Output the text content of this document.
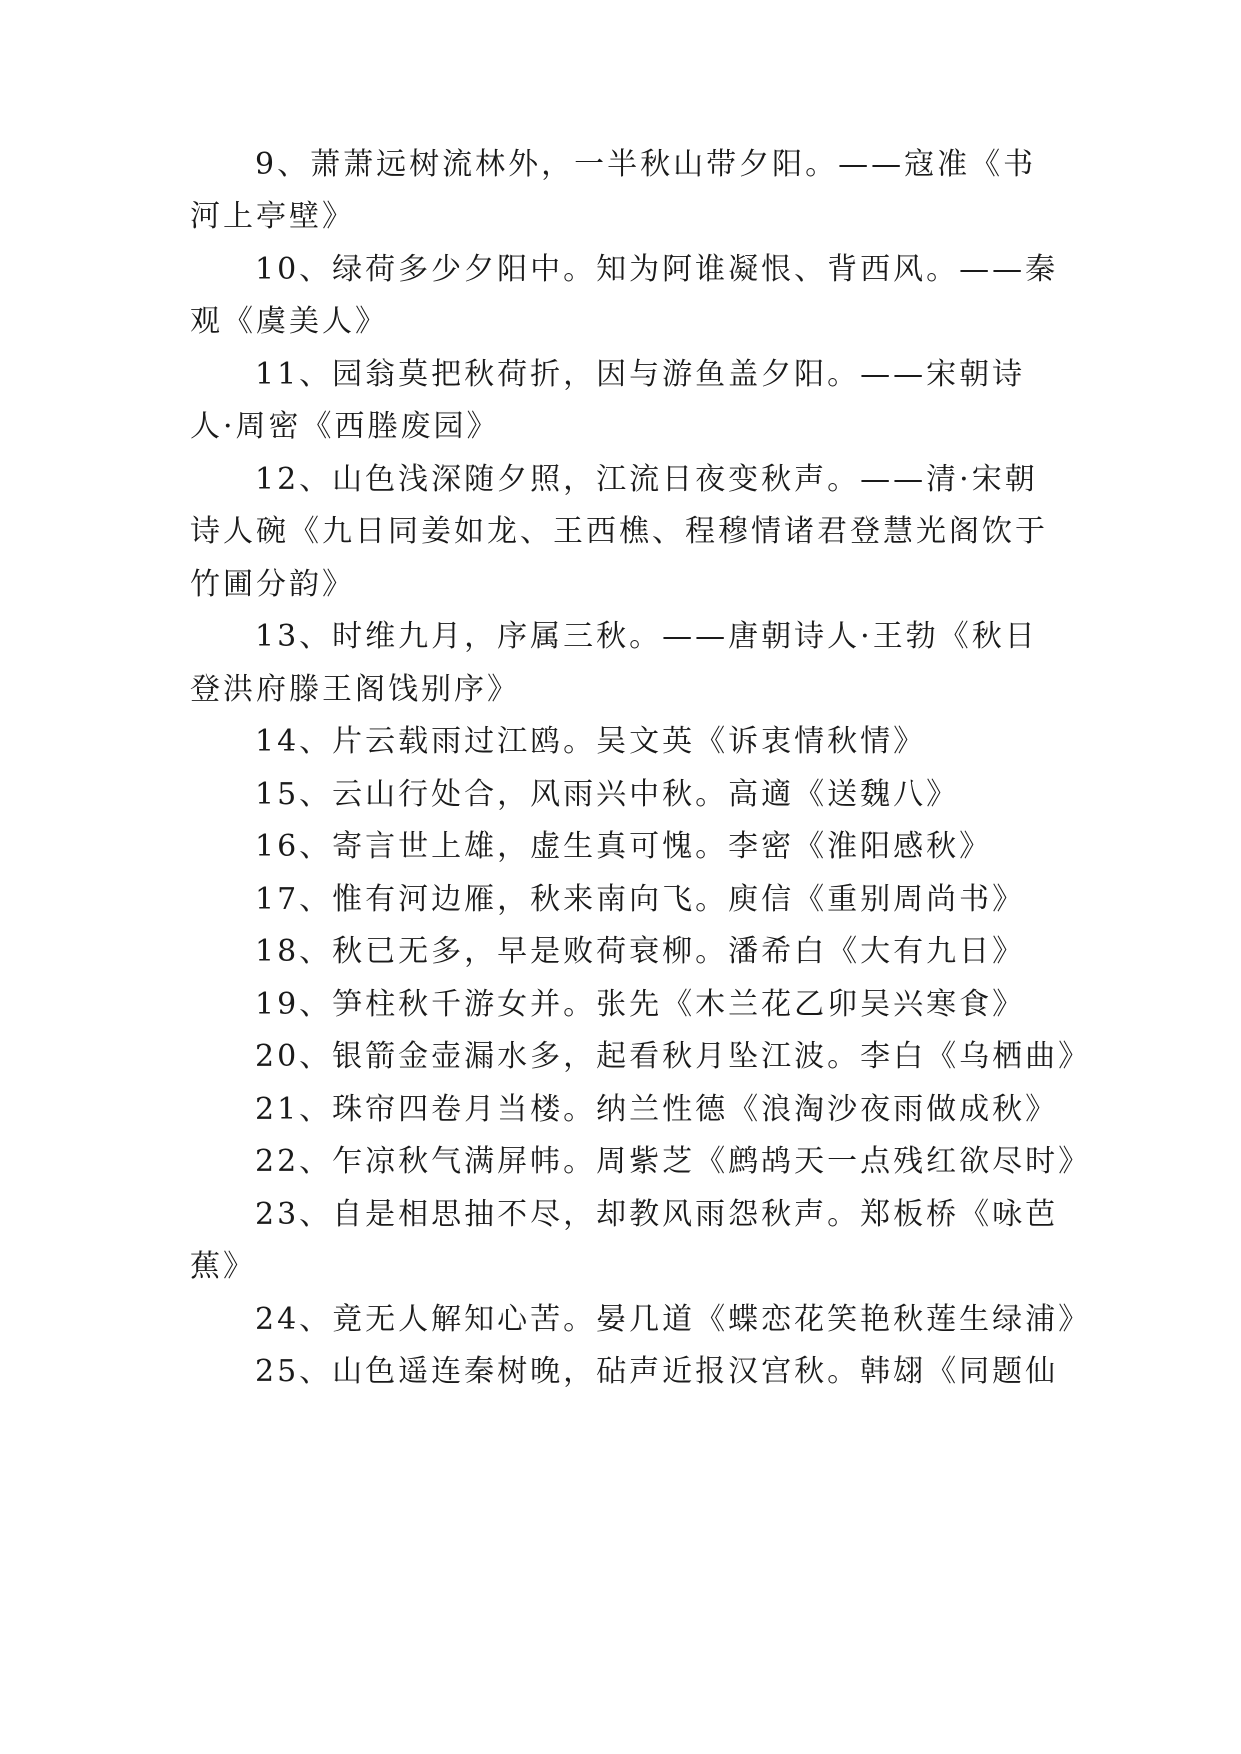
9、萧萧远树流林外，一半秋山带夕阳。——寇准《书
河上亭壁》
10、绿荷多少夕阳中。知为阿谁凝恨、背西风。——秦
观《虞美人》
11、园翁莫把秋荷折，因与游鱼盖夕阳。——宋朝诗
人·周密《西塍废园》
12、山色浅深随夕照，江流日夜变秋声。——清·宋朝
诗人碗《九日同姜如龙、王西樵、程穆情诸君登慧光阁饮于
竹圃分韵》
13、时维九月，序属三秋。——唐朝诗人·王勃《秋日
登洪府滕王阁饯别序》
14、片云载雨过江鸥。吴文英《诉衷情秋情》
15、云山行处合，风雨兴中秋。高適《送魏八》
16、寄言世上雄，虚生真可愧。李密《淮阳感秋》
17、惟有河边雁，秋来南向飞。庾信《重别周尚书》
18、秋已无多，早是败荷衰柳。潘希白《大有九日》
19、笋柱秋千游女并。张先《木兰花乙卯吴兴寒食》
20、银箭金壶漏水多，起看秋月坠江波。李白《乌栖曲》
21、珠帘四卷月当楼。纳兰性德《浪淘沙夜雨做成秋》
22、乍凉秋气满屏帏。周紫芝《鹧鸪天一点残红欲尽时》
23、自是相思抽不尽，却教风雨怨秋声。郑板桥《咏芭
蕉》
24、竟无人解知心苦。晏几道《蝶恋花笑艳秋莲生绿浦》
25、山色遥连秦树晚，砧声近报汉宫秋。韩翃《同题仙
